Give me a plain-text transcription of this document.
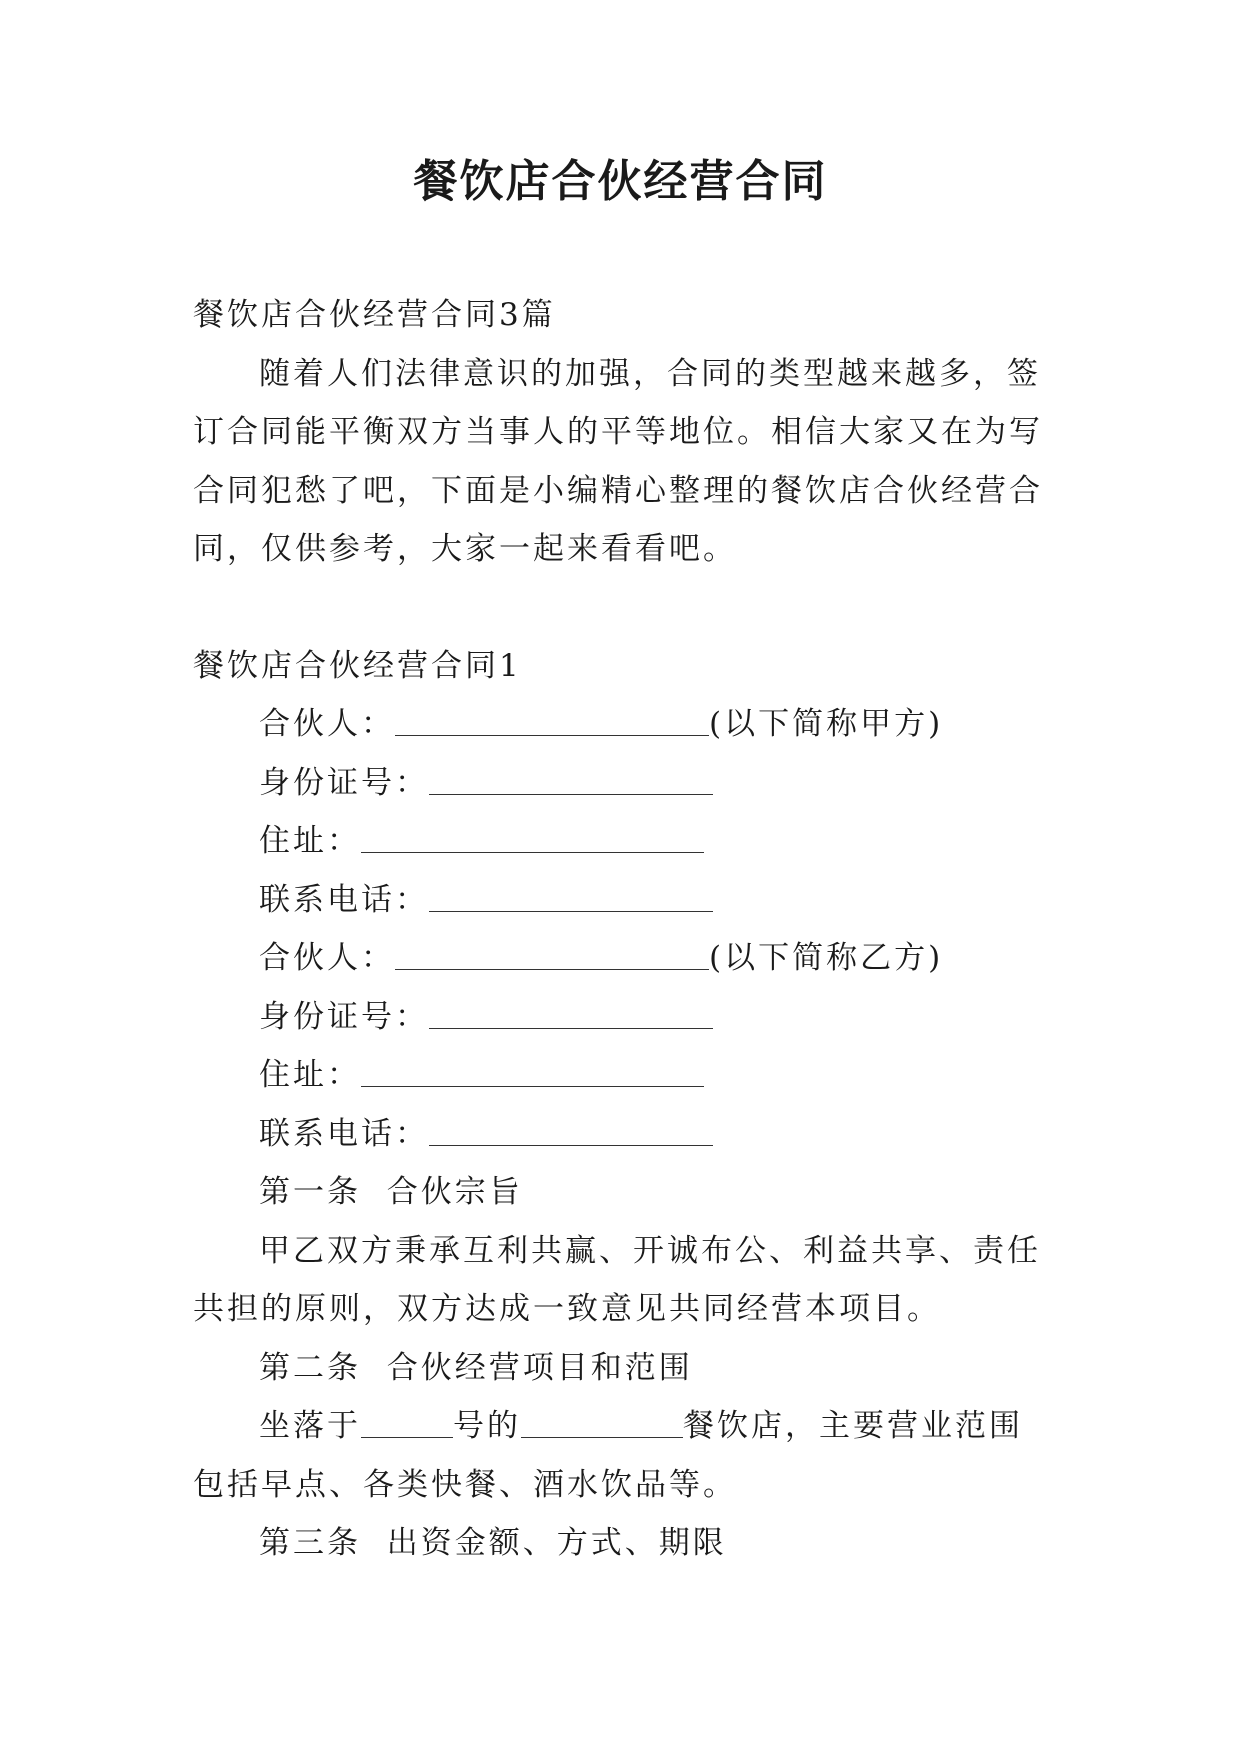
餐饮店合伙经营合同

餐饮店合伙经营合同3篇

随着人们法律意识的加强，合同的类型越来越多，签订合同能平衡双方当事人的平等地位。相信大家又在为写合同犯愁了吧，下面是小编精心整理的餐饮店合伙经营合同，仅供参考，大家一起来看看吧。

餐饮店合伙经营合同1

合伙人：	(以下简称甲方)

身份证号：

住址：

联系电话：

合伙人：	(以下简称乙方)

身份证号：

住址：

联系电话：

第一条  合伙宗旨

甲乙双方秉承互利共赢、开诚布公、利益共享、责任共担的原则，双方达成一致意见共同经营本项目。

第二条  合伙经营项目和范围

坐落于	号的	餐饮店，主要营业范围包括早点、各类快餐、酒水饮品等。

第三条  出资金额、方式、期限
